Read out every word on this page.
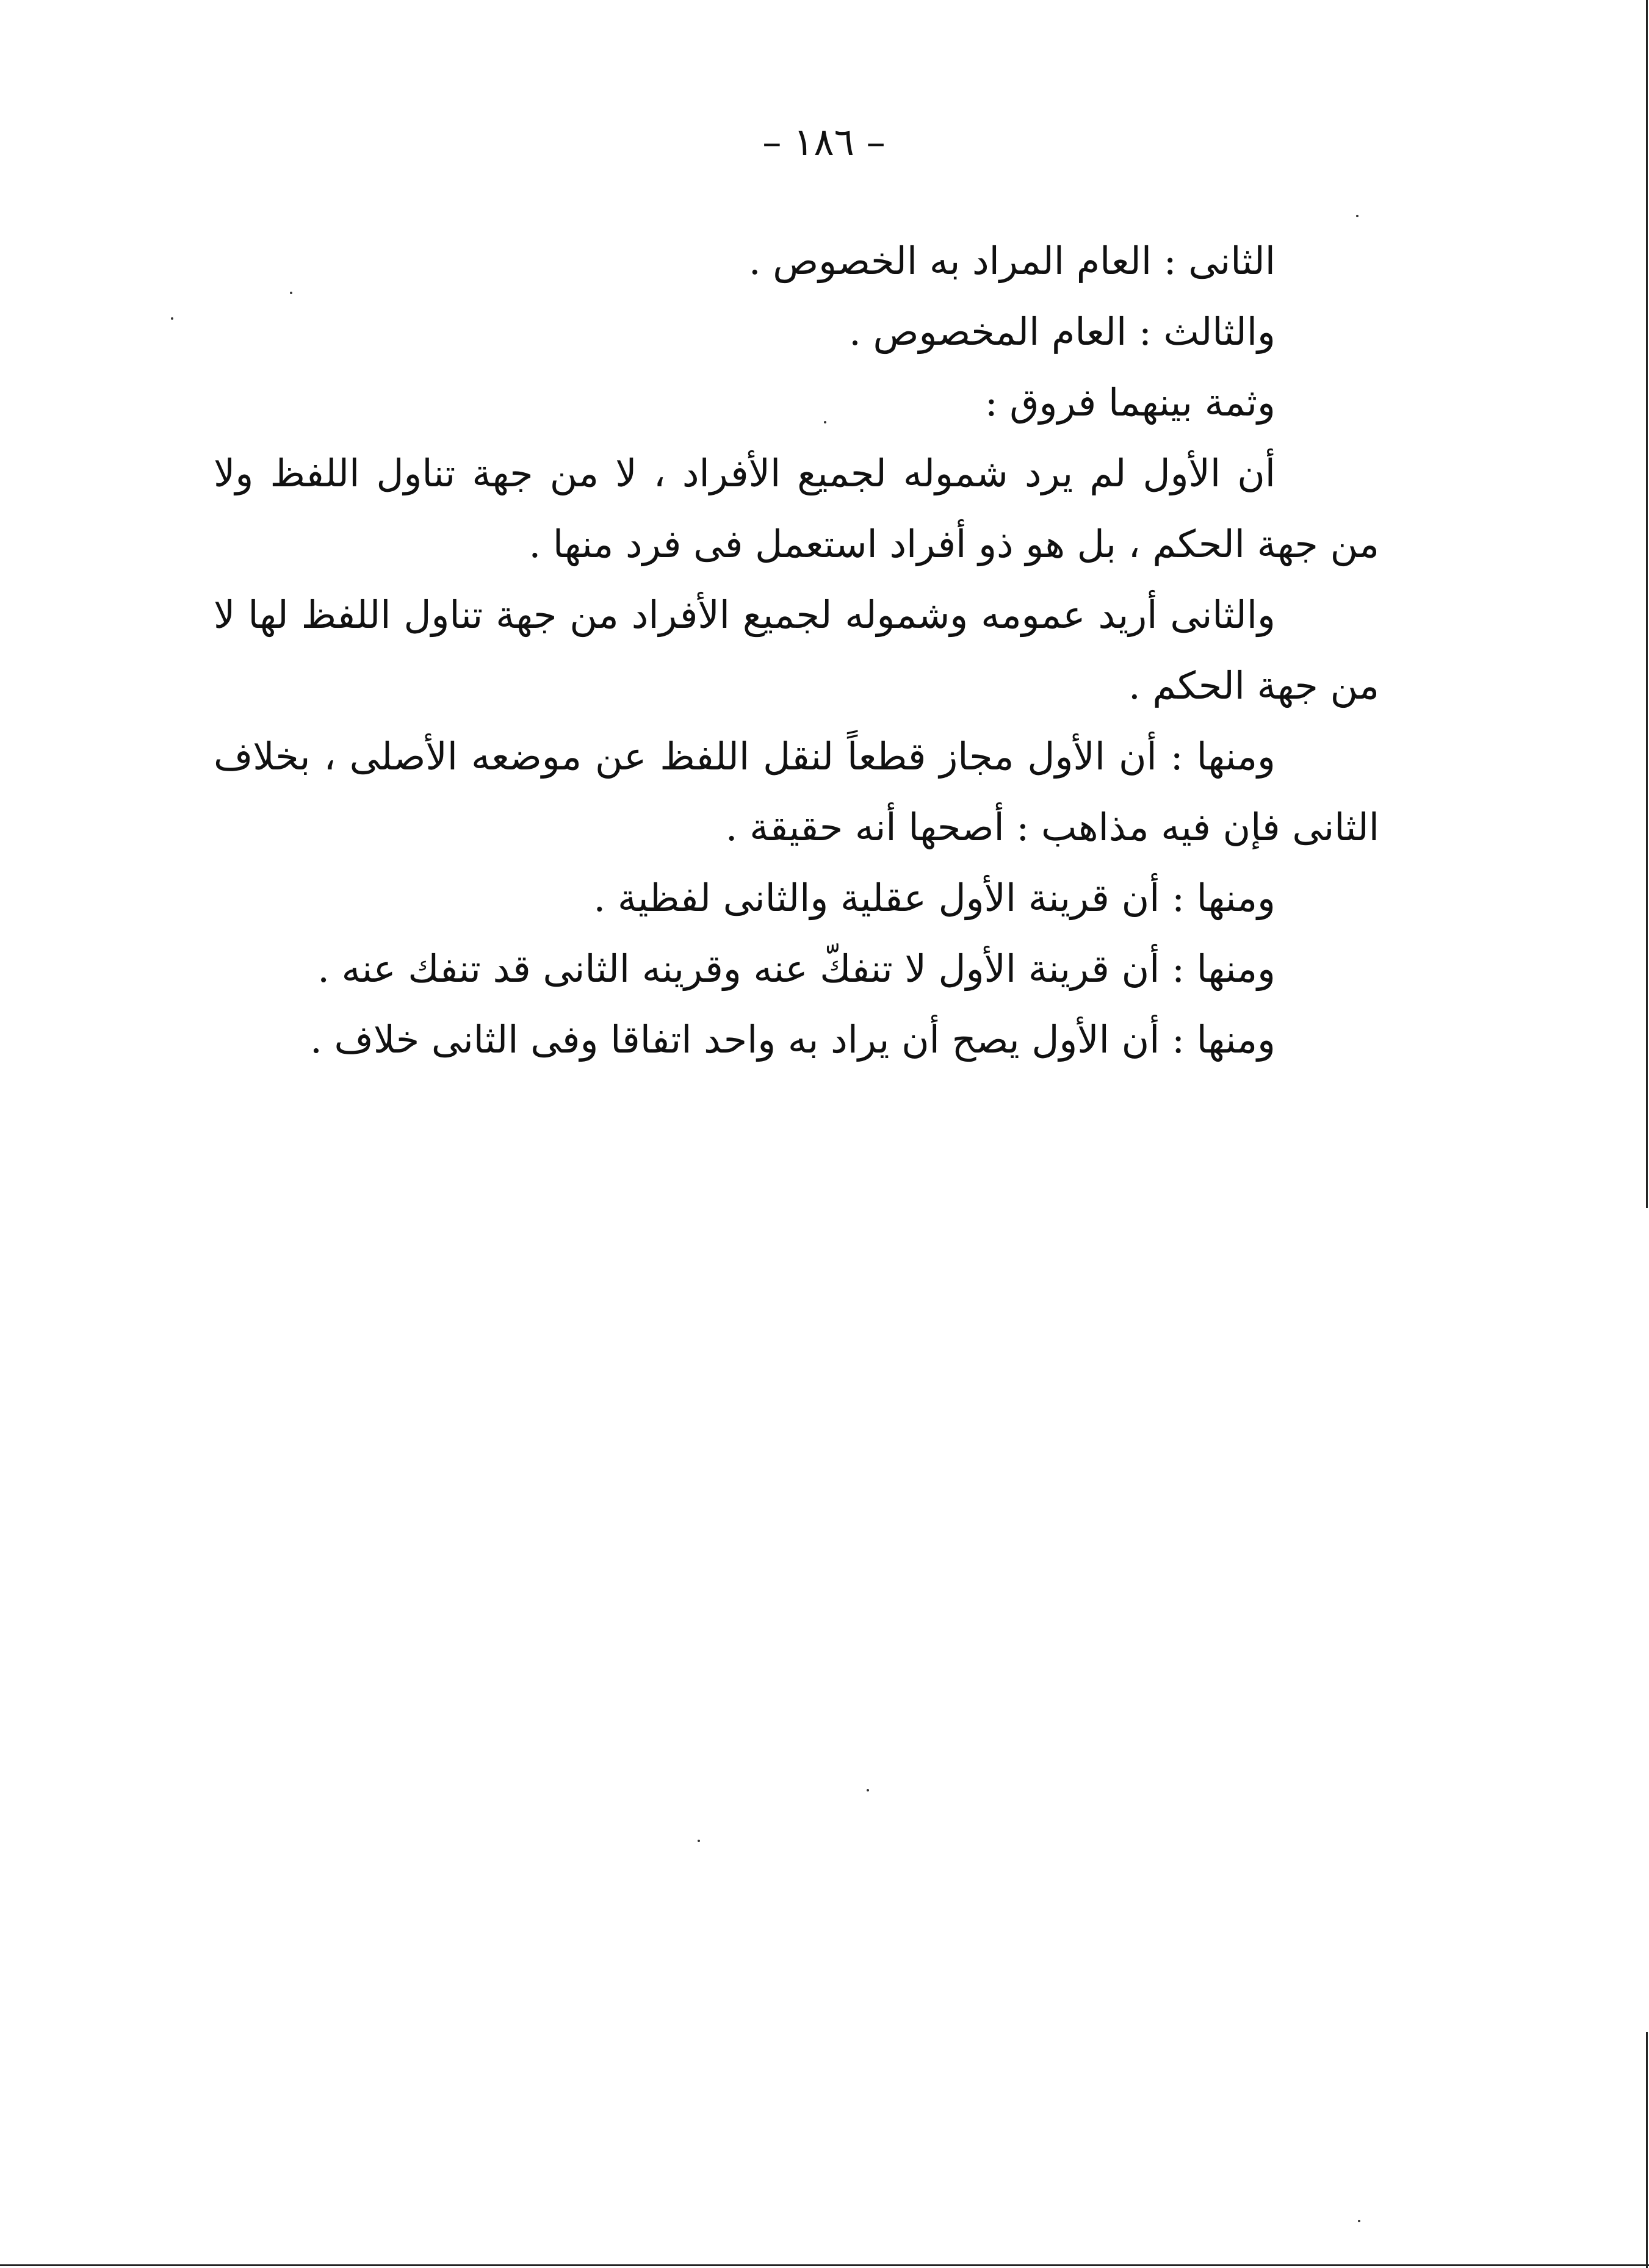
– ١٨٦ –

الثانى : العام المراد به الخصوص .

والثالث : العام المخصوص .

وثمة بينهما فروق :

أن الأول لم يرد شموله لجميع الأفراد ، لا من جهة تناول اللفظ ولا من جهة الحكم ، بل هو ذو أفراد استعمل فى فرد منها .

والثانى أريد عمومه وشموله لجميع الأفراد من جهة تناول اللفظ لها لا من جهة الحكم .

ومنها : أن الأول مجاز قطعاً لنقل اللفظ عن موضعه الأصلى ، بخلاف الثانى فإن فيه مذاهب : أصحها أنه حقيقة .

ومنها : أن قرينة الأول عقلية والثانى لفظية .

ومنها : أن قرينة الأول لا تنفكّ عنه وقرينه الثانى قد تنفك عنه .

ومنها : أن الأول يصح أن يراد به واحد اتفاقا وفى الثانى خلاف .
